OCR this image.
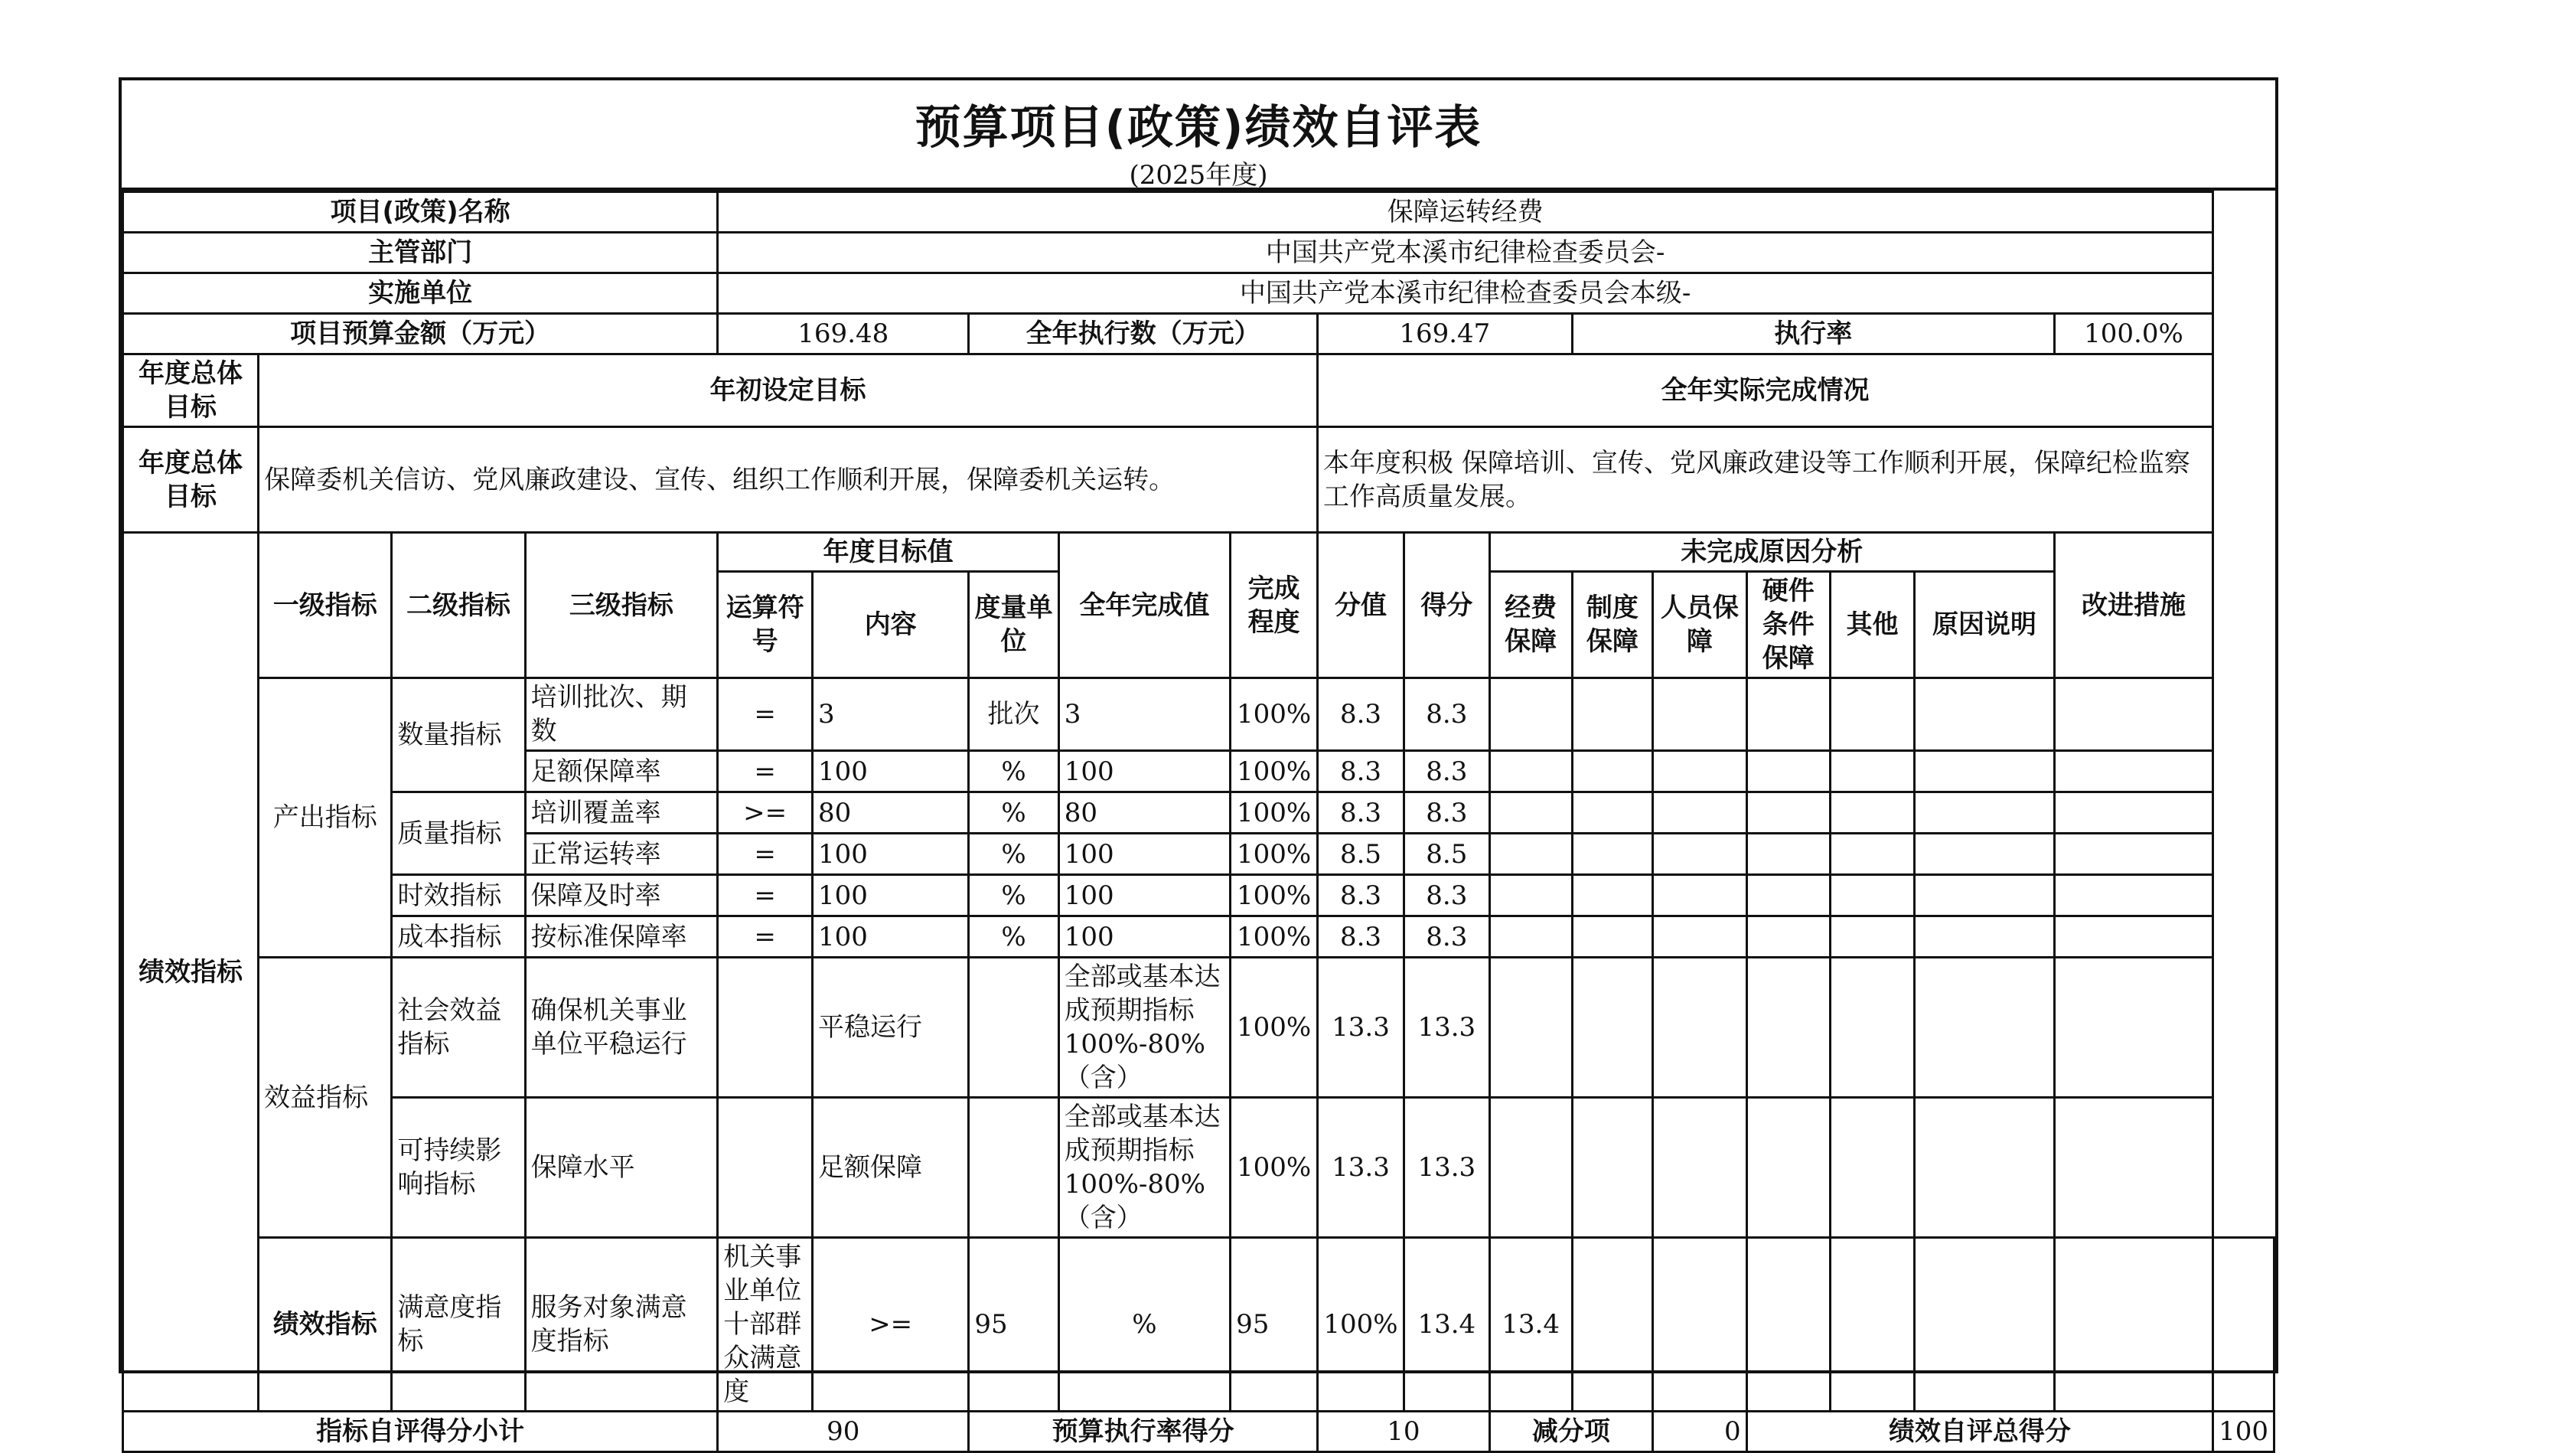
预算项目(政策)绩效自评表
(2025年度)
项目(政策)名称				保障运转经费														
主管部门				中国共产党本溪市纪律检查委员会-														
实施单位				中国共产党本溪市纪律检查委员会本级-														
项目预算金额（万元）				169.48		全年执行数（万元）			169.47			执行率					100.0%	
年度总体目标	年初设定目标								全年实际完成情况									
年度总体目标	保障委机关信访、党风廉政建设、宣传、组织工作顺利开展，保障委机关运转。								本年度积极 保障培训、宣传、党风廉政建设等工作顺利开展，保障纪检监察工作高质量发展。									
绩效指标	一级指标	二级指标	三级指标	年度目标值			全年完成值	完成程度	分值	得分	未完成原因分析						改进措施	
				运算符号	内容	度量单位					经费保障	制度保障	人员保障	硬件条件保障	其他	原因说明		
	产出指标	数量指标	培训批次、期数	=	3	批次	3	100%	8.3	8.3								
			足额保障率	=	100	%	100	100%	8.3	8.3								
		质量指标	培训覆盖率	>=	80	%	80	100%	8.3	8.3								
			正常运转率	=	100	%	100	100%	8.5	8.5								
		时效指标	保障及时率	=	100	%	100	100%	8.3	8.3								
		成本指标	按标准保障率	=	100	%	100	100%	8.3	8.3								
	效益指标	社会效益指标	确保机关事业单位平稳运行		平稳运行		全部或基本达成预期指标100%-80%（含）	100%	13.3	13.3								
		可持续影响指标	保障水平		足额保障		全部或基本达成预期指标100%-80%（含）	100%	13.3	13.3								
	绩效指标	满意度指标	服务对象满意度指标	机关事业单位十部群众满意度	>=	95	%	95	100%	13.4	13.4							
指标自评得分小计				90		预算执行率得分			10		减分项		0	绩效自评总得分				100
